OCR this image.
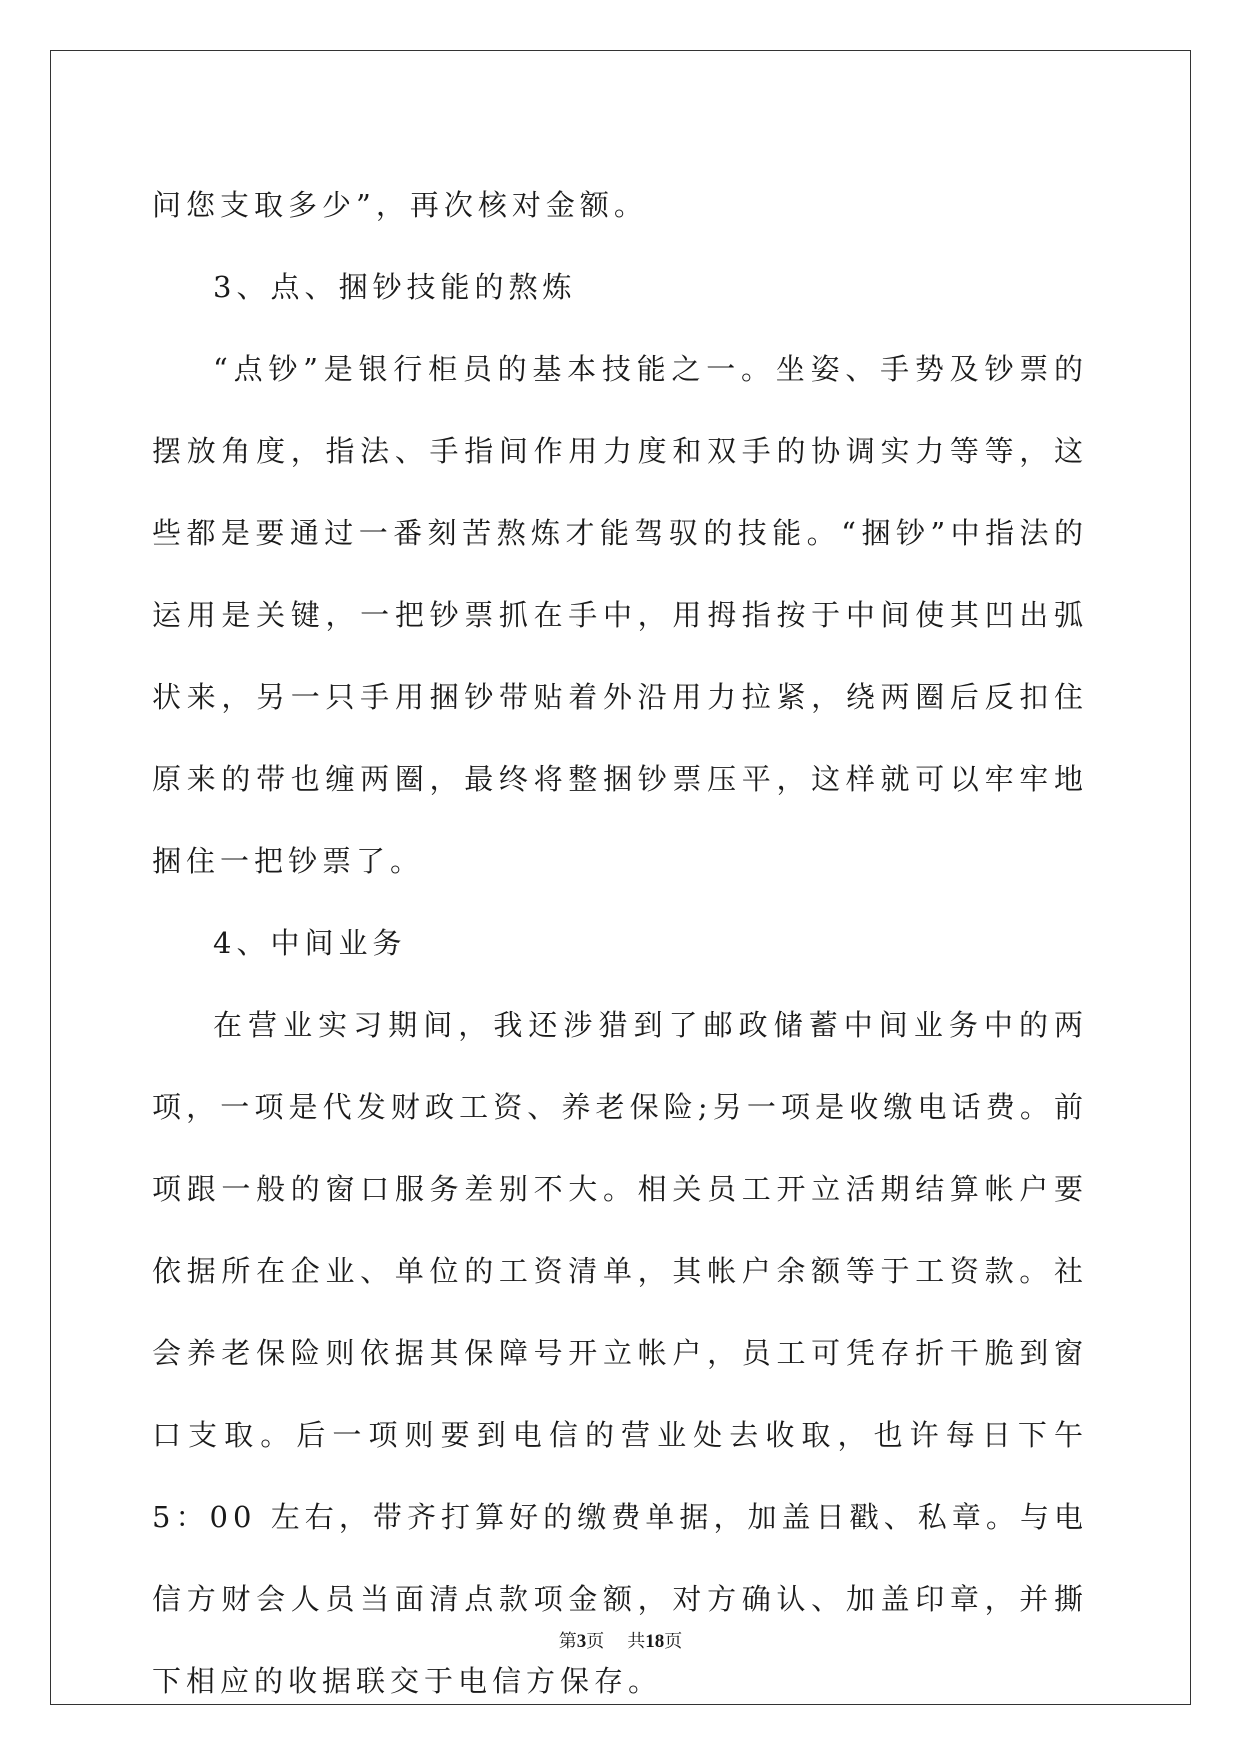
问您支取多少”，再次核对金额。

3、点、捆钞技能的熬炼

“点钞”是银行柜员的基本技能之一。坐姿、手势及钞票的摆放角度，指法、手指间作用力度和双手的协调实力等等，这些都是要通过一番刻苦熬炼才能驾驭的技能。“捆钞”中指法的运用是关键，一把钞票抓在手中，用拇指按于中间使其凹出弧状来，另一只手用捆钞带贴着外沿用力拉紧，绕两圈后反扣住原来的带也缠两圈，最终将整捆钞票压平，这样就可以牢牢地捆住一把钞票了。

4、中间业务

在营业实习期间，我还涉猎到了邮政储蓄中间业务中的两项，一项是代发财政工资、养老保险;另一项是收缴电话费。前项跟一般的窗口服务差别不大。相关员工开立活期结算帐户要依据所在企业、单位的工资清单，其帐户余额等于工资款。社会养老保险则依据其保障号开立帐户，员工可凭存折干脆到窗口支取。后一项则要到电信的营业处去收取，也许每日下午 5：00 左右，带齐打算好的缴费单据，加盖日戳、私章。与电信方财会人员当面清点款项金额，对方确认、加盖印章，并撕下相应的收据联交于电信方保存。

第3页 共18页
